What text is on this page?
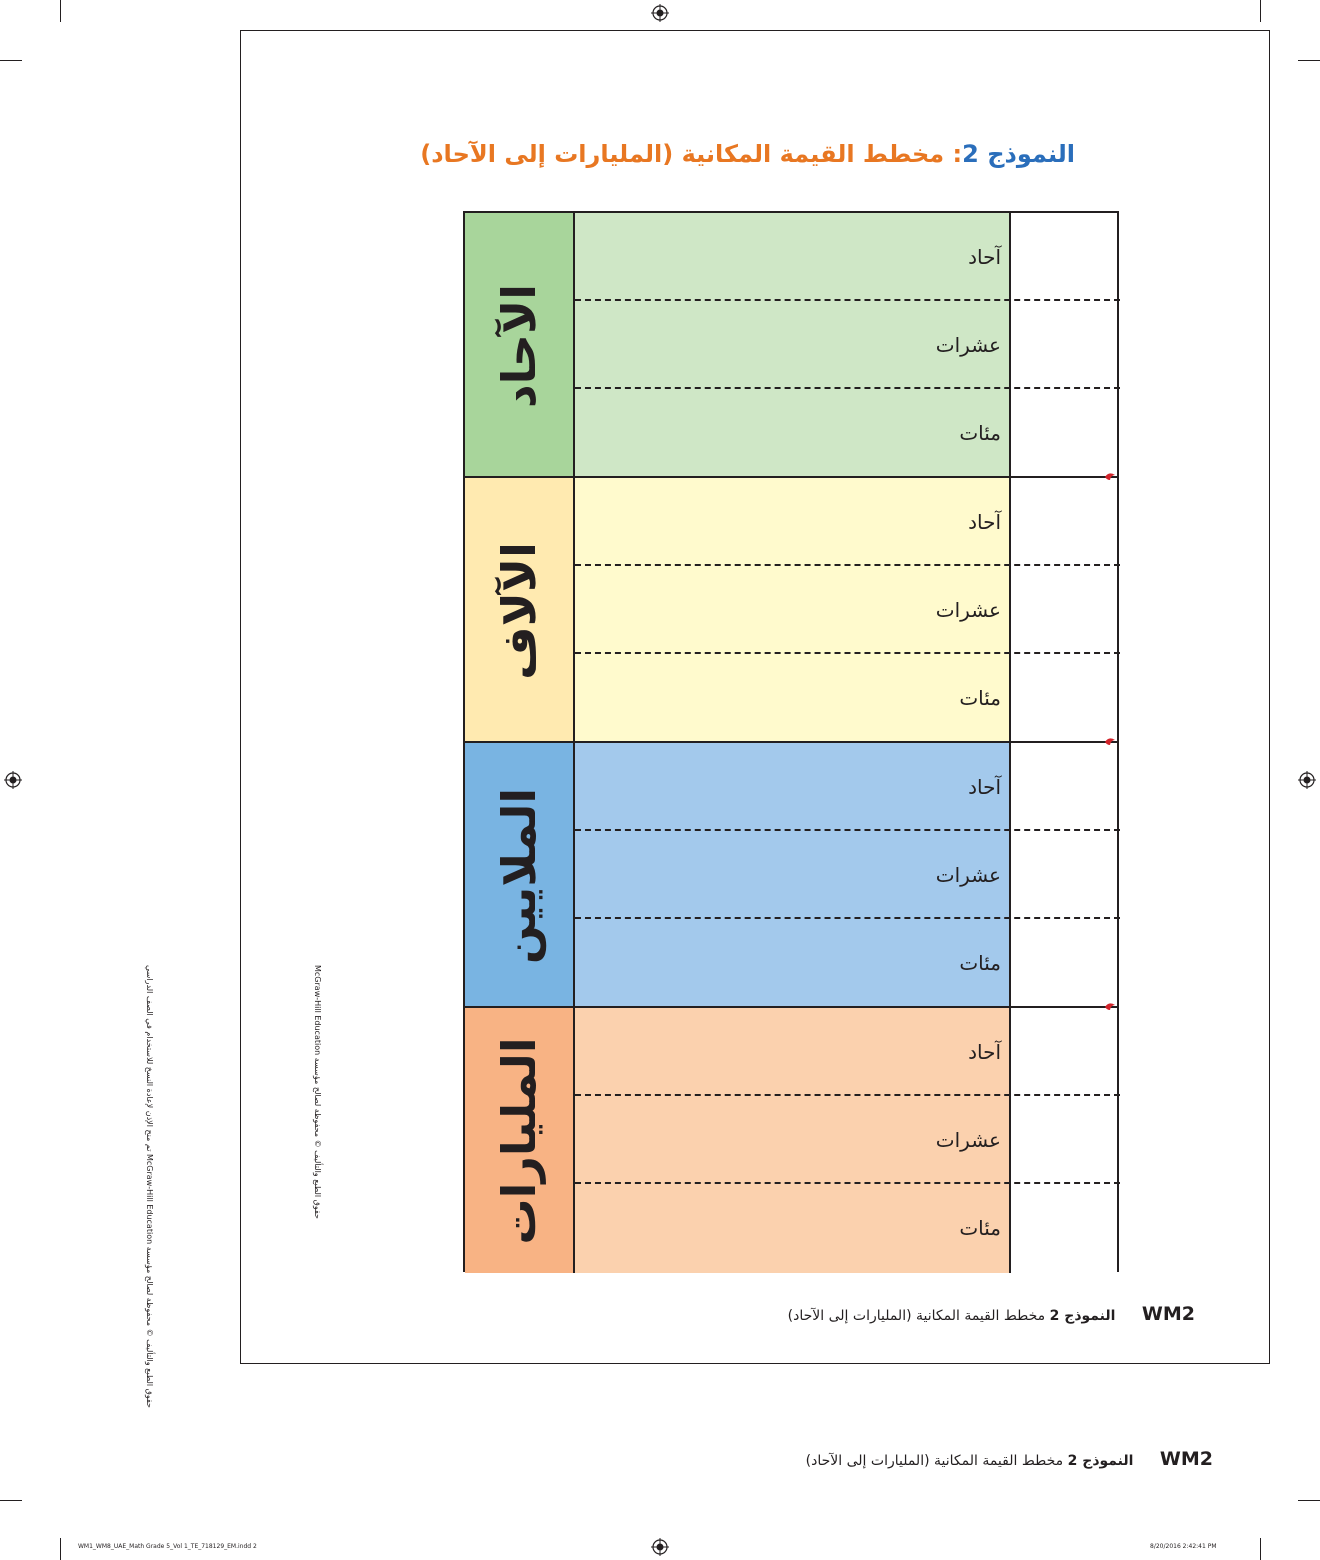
حقوق الطبع والتأليف © محفوظة لصالح مؤسسة McGraw-Hill Education تم منح الإذن لإعادة النسخ للاستخدام في الصف الدراسي
حقوق الطبع والتأليف © محفوظة لصالح مؤسسة McGraw-Hill Education
النموذج 2: مخطط القيمة المكانية (المليارات إلى الآحاد)
الآحاد
آحاد
عشرات
مئات
الآلاف
آحاد
عشرات
مئات
الملايين
آحاد
عشرات
مئات
المليارات	آحاد
عشرات
مئات
WM2 النموذج 2 مخطط القيمة المكانية (المليارات إلى الآحاد)
WM2 النموذج 2 مخطط القيمة المكانية (المليارات إلى الآحاد)
WM1_WM8_UAE_Math Grade 5_Vol 1_TE_718129_EM.indd 2	8/20/2016 2:42:41 PM
